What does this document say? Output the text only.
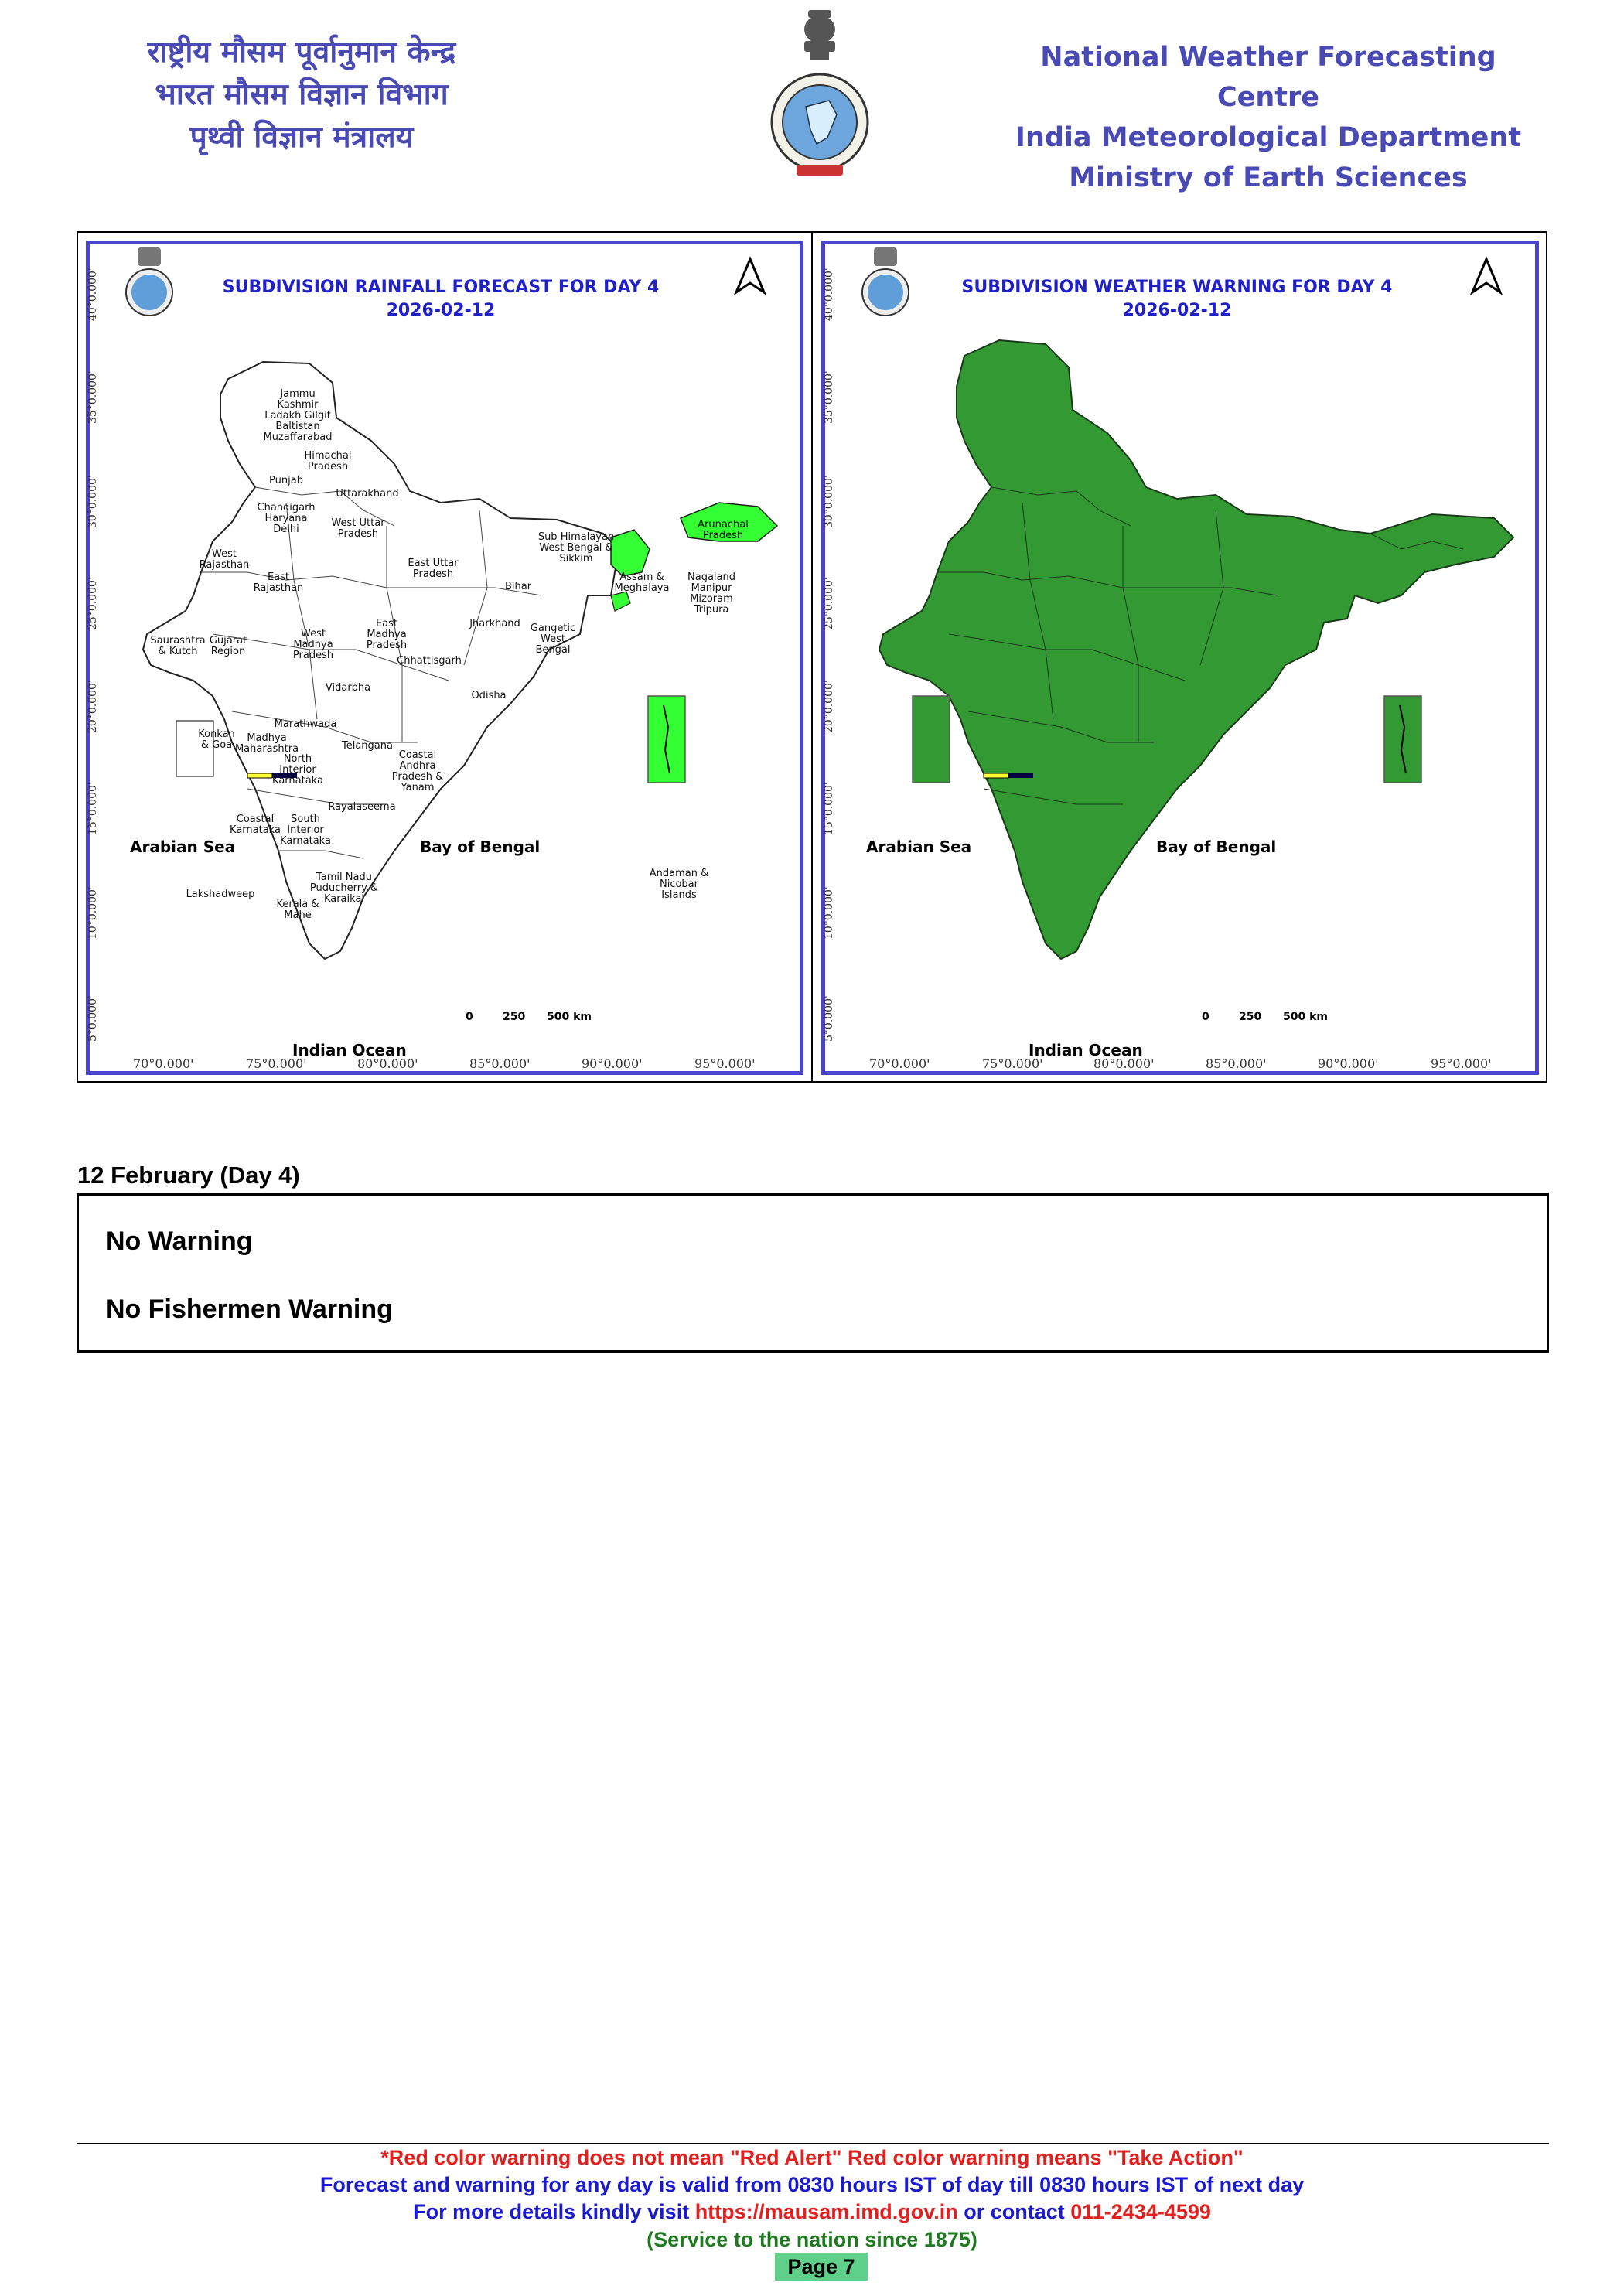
राष्ट्रीय मौसम पूर्वानुमान केन्द्र
भारत मौसम विज्ञान विभाग
पृथ्वी विज्ञान मंत्रालय
National Weather Forecasting Centre
India Meteorological Department
Ministry of Earth Sciences
SUBDIVISION RAINFALL FORECAST FOR DAY 4
2026-02-12
Arabian Sea	Bay of Bengal
Indian Ocean
0	250 500 km
Jammu Kashmir Ladakh Gilgit Baltistan Muzaffarabad
Himachal Pradesh
Punjab
Uttarakhand
Chandigarh Haryana Delhi
West Uttar Pradesh
West Rajasthan
East Rajasthan
East Uttar Pradesh
Bihar
Sub Himalayan West Bengal & Sikkim
Arunachal Pradesh
Assam & Meghalaya
Nagaland Manipur Mizoram Tripura
Saurashtra & Kutch
Gujarat Region
West Madhya Pradesh
East Madhya Pradesh
Jharkhand	Gangetic West Bengal
Chhattisgarh
Vidarbha
Odisha
Konkan & Goa
Madhya Maharashtra
Marathwada
Telangana
North Interior Karnataka
Coastal Andhra Pradesh & Yanam
Rayalaseema
Coastal Karnataka
South Interior Karnataka
Tamil Nadu Puducherry & Karaikal
Kerala & Mahe
Lakshadweep
Andaman & Nicobar Islands
40°0.000'
35°0.000'
30°0.000'
25°0.000'
20°0.000'
15°0.000'
10°0.000'
5°0.000'
70°0.000'	75°0.000'	80°0.000'	85°0.000'	90°0.000'	95°0.000'
SUBDIVISION WEATHER WARNING FOR DAY 4
2026-02-12
Arabian Sea	Bay of Bengal
Indian Ocean
0	250 500 km
40°0.000'
35°0.000'
30°0.000'
25°0.000'
20°0.000'
15°0.000'
10°0.000'
5°0.000'
70°0.000'	75°0.000'	80°0.000'	85°0.000'	90°0.000'	95°0.000'
12 February (Day 4)
No Warning
No Fishermen Warning
*Red color warning does not mean "Red Alert" Red color warning means "Take Action"
Forecast and warning for any day is valid from 0830 hours IST of day till 0830 hours IST of next day
For more details kindly visit https://mausam.imd.gov.in or contact 011-2434-4599
(Service to the nation since 1875)
Page 7
